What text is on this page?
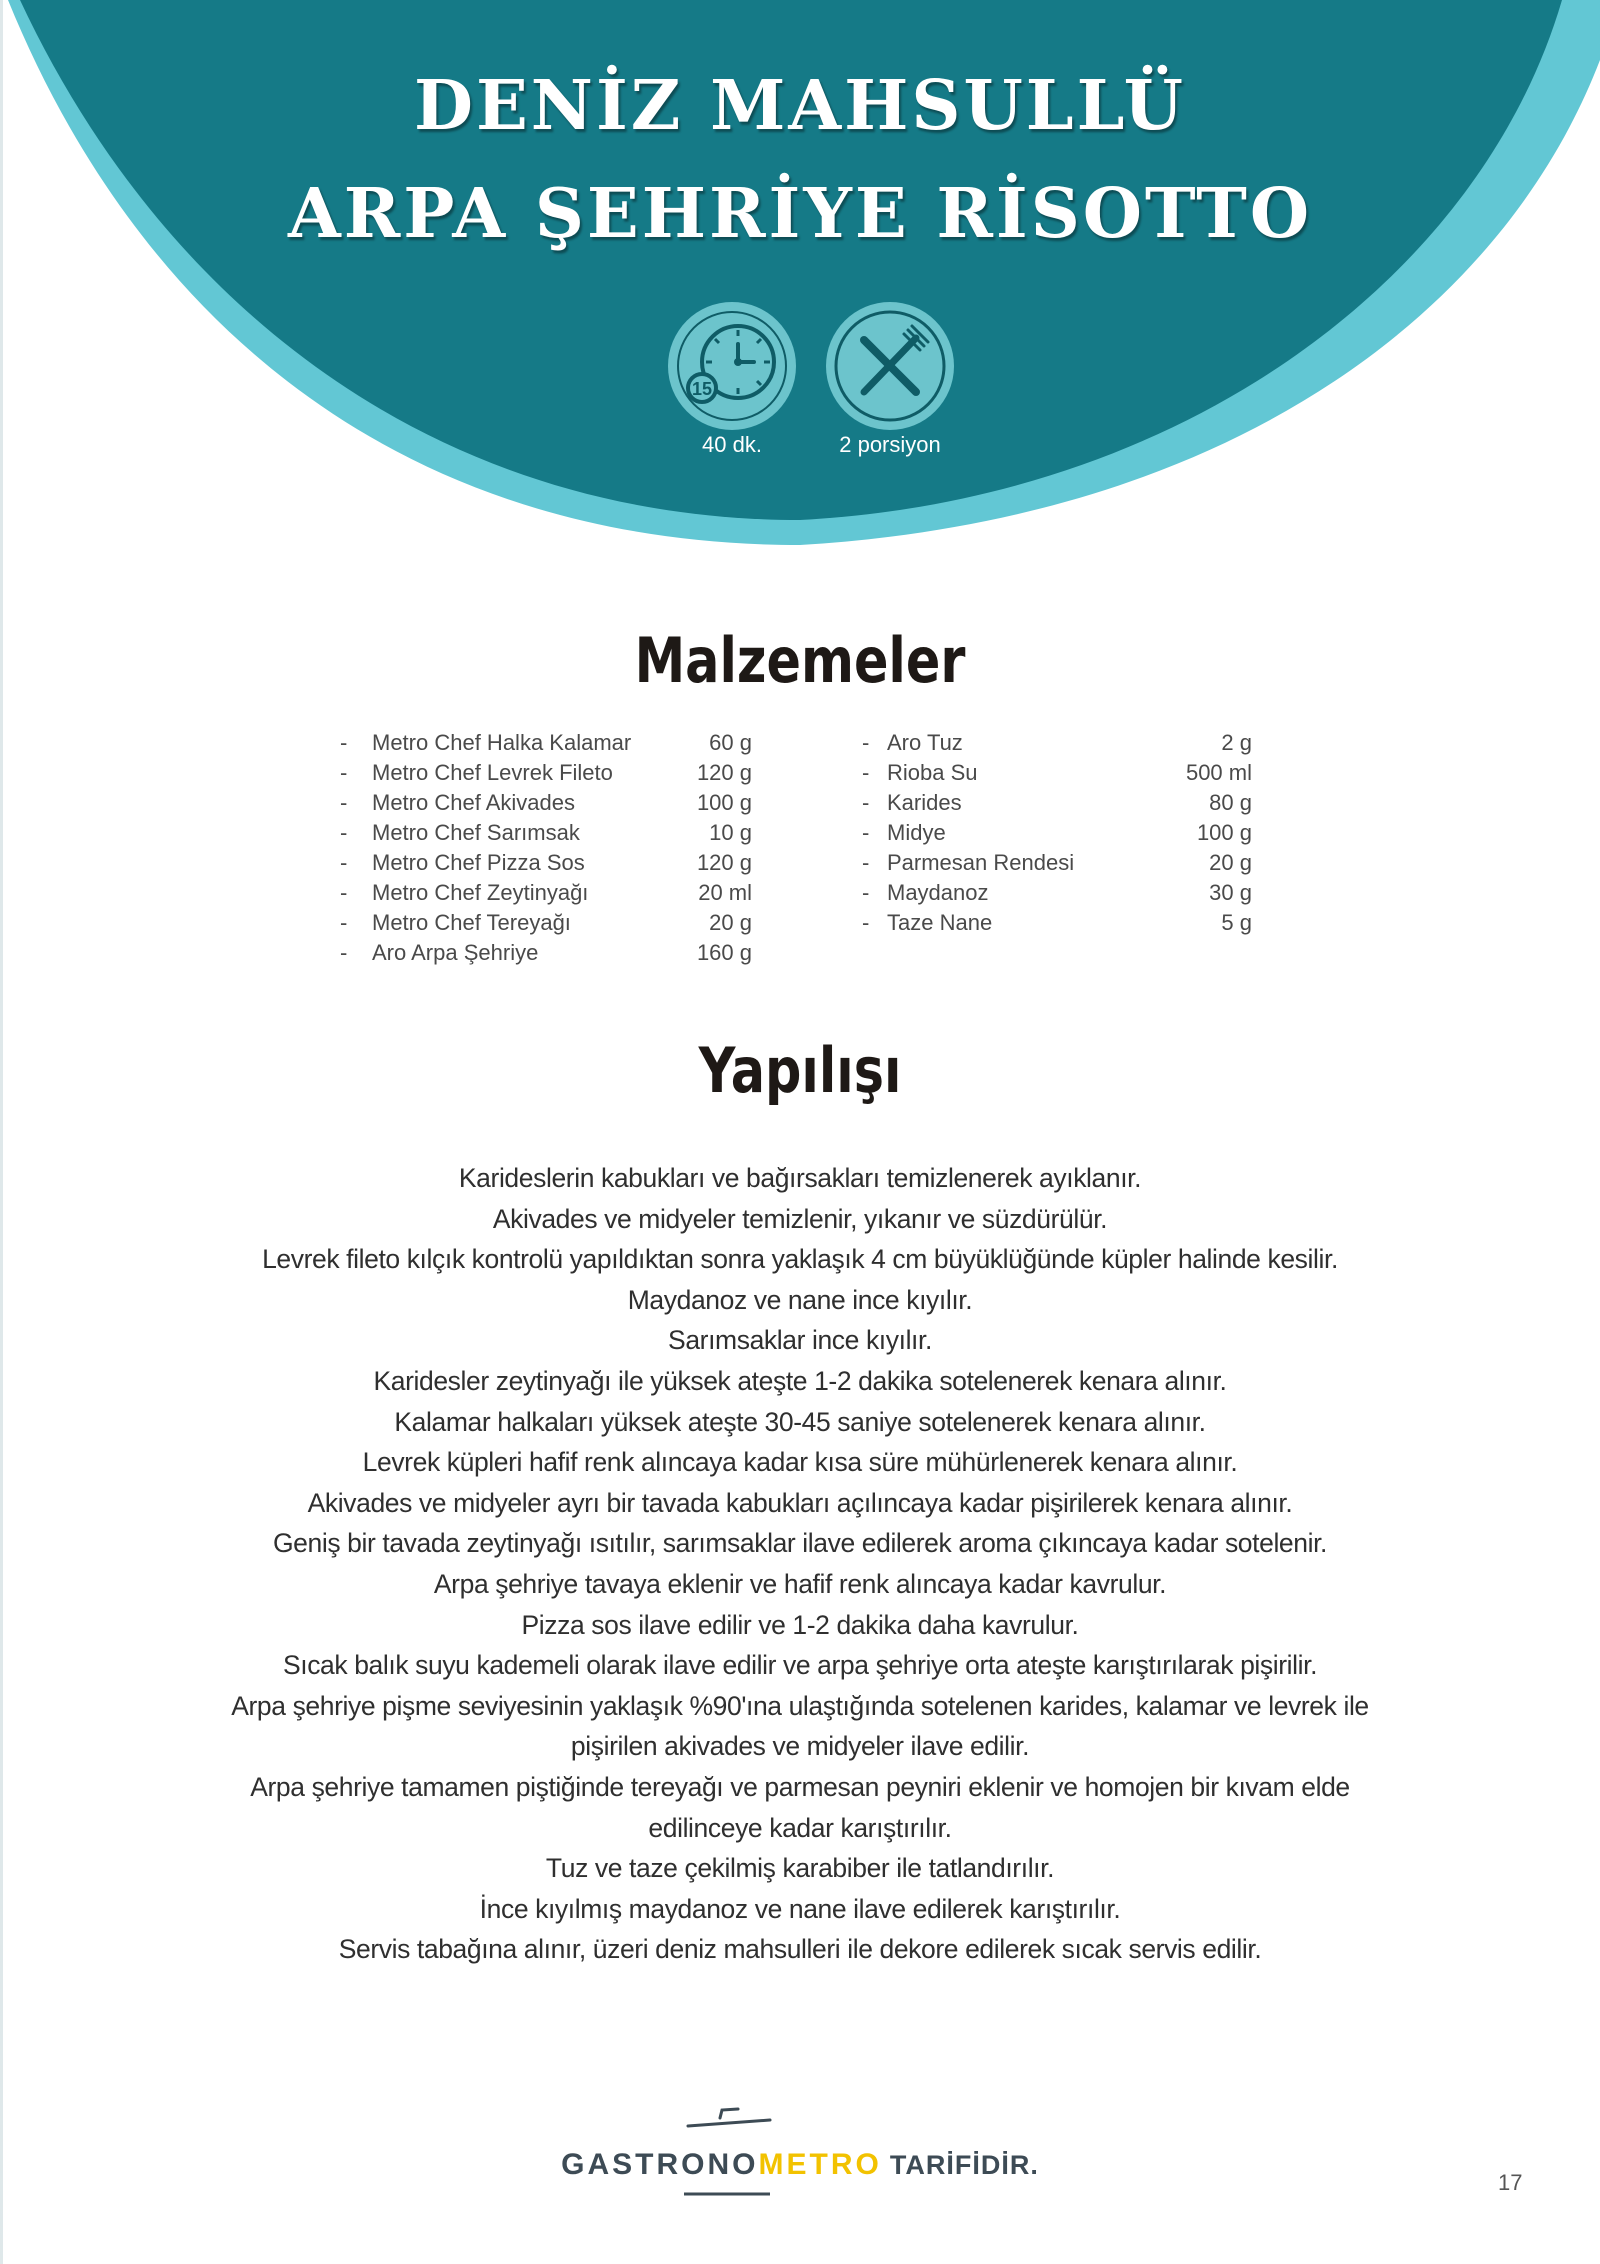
DENİZ MAHSULLÜ
ARPA ŞEHRİYE RİSOTTO
15
40 dk.	2 porsiyon
Malzemeler
- Metro Chef Halka Kalamar	60 g
- Metro Chef Levrek Fileto	120 g
- Metro Chef Akivades	100 g
- Metro Chef Sarımsak	10 g
- Metro Chef Pizza Sos	120 g
- Metro Chef Zeytinyağı	20 ml
- Metro Chef Tereyağı	20 g
- Aro Arpa Şehriye	160 g
- Aro Tuz	2 g
- Rioba Su	500 ml
- Karides	80 g
- Midye	100 g
- Parmesan Rendesi	20 g
- Maydanoz	30 g
- Taze Nane	5 g
Yapılışı
Karideslerin kabukları ve bağırsakları temizlenerek ayıklanır.
Akivades ve midyeler temizlenir, yıkanır ve süzdürülür.
Levrek fileto kılçık kontrolü yapıldıktan sonra yaklaşık 4 cm büyüklüğünde küpler halinde kesilir.
Maydanoz ve nane ince kıyılır.
Sarımsaklar ince kıyılır.
Karidesler zeytinyağı ile yüksek ateşte 1-2 dakika sotelenerek kenara alınır.
Kalamar halkaları yüksek ateşte 30-45 saniye sotelenerek kenara alınır.
Levrek küpleri hafif renk alıncaya kadar kısa süre mühürlenerek kenara alınır.
Akivades ve midyeler ayrı bir tavada kabukları açılıncaya kadar pişirilerek kenara alınır.
Geniş bir tavada zeytinyağı ısıtılır, sarımsaklar ilave edilerek aroma çıkıncaya kadar sotelenir.
Arpa şehriye tavaya eklenir ve hafif renk alıncaya kadar kavrulur.
Pizza sos ilave edilir ve 1-2 dakika daha kavrulur.
Sıcak balık suyu kademeli olarak ilave edilir ve arpa şehriye orta ateşte karıştırılarak pişirilir.
Arpa şehriye pişme seviyesinin yaklaşık %90'ına ulaştığında sotelenen karides, kalamar ve levrek ile
pişirilen akivades ve midyeler ilave edilir.
Arpa şehriye tamamen piştiğinde tereyağı ve parmesan peyniri eklenir ve homojen bir kıvam elde
edilinceye kadar karıştırılır.
Tuz ve taze çekilmiş karabiber ile tatlandırılır.
İnce kıyılmış maydanoz ve nane ilave edilerek karıştırılır.
Servis tabağına alınır, üzeri deniz mahsulleri ile dekore edilerek sıcak servis edilir.
GASTRONOMETRO TARİFİDİR.
17
